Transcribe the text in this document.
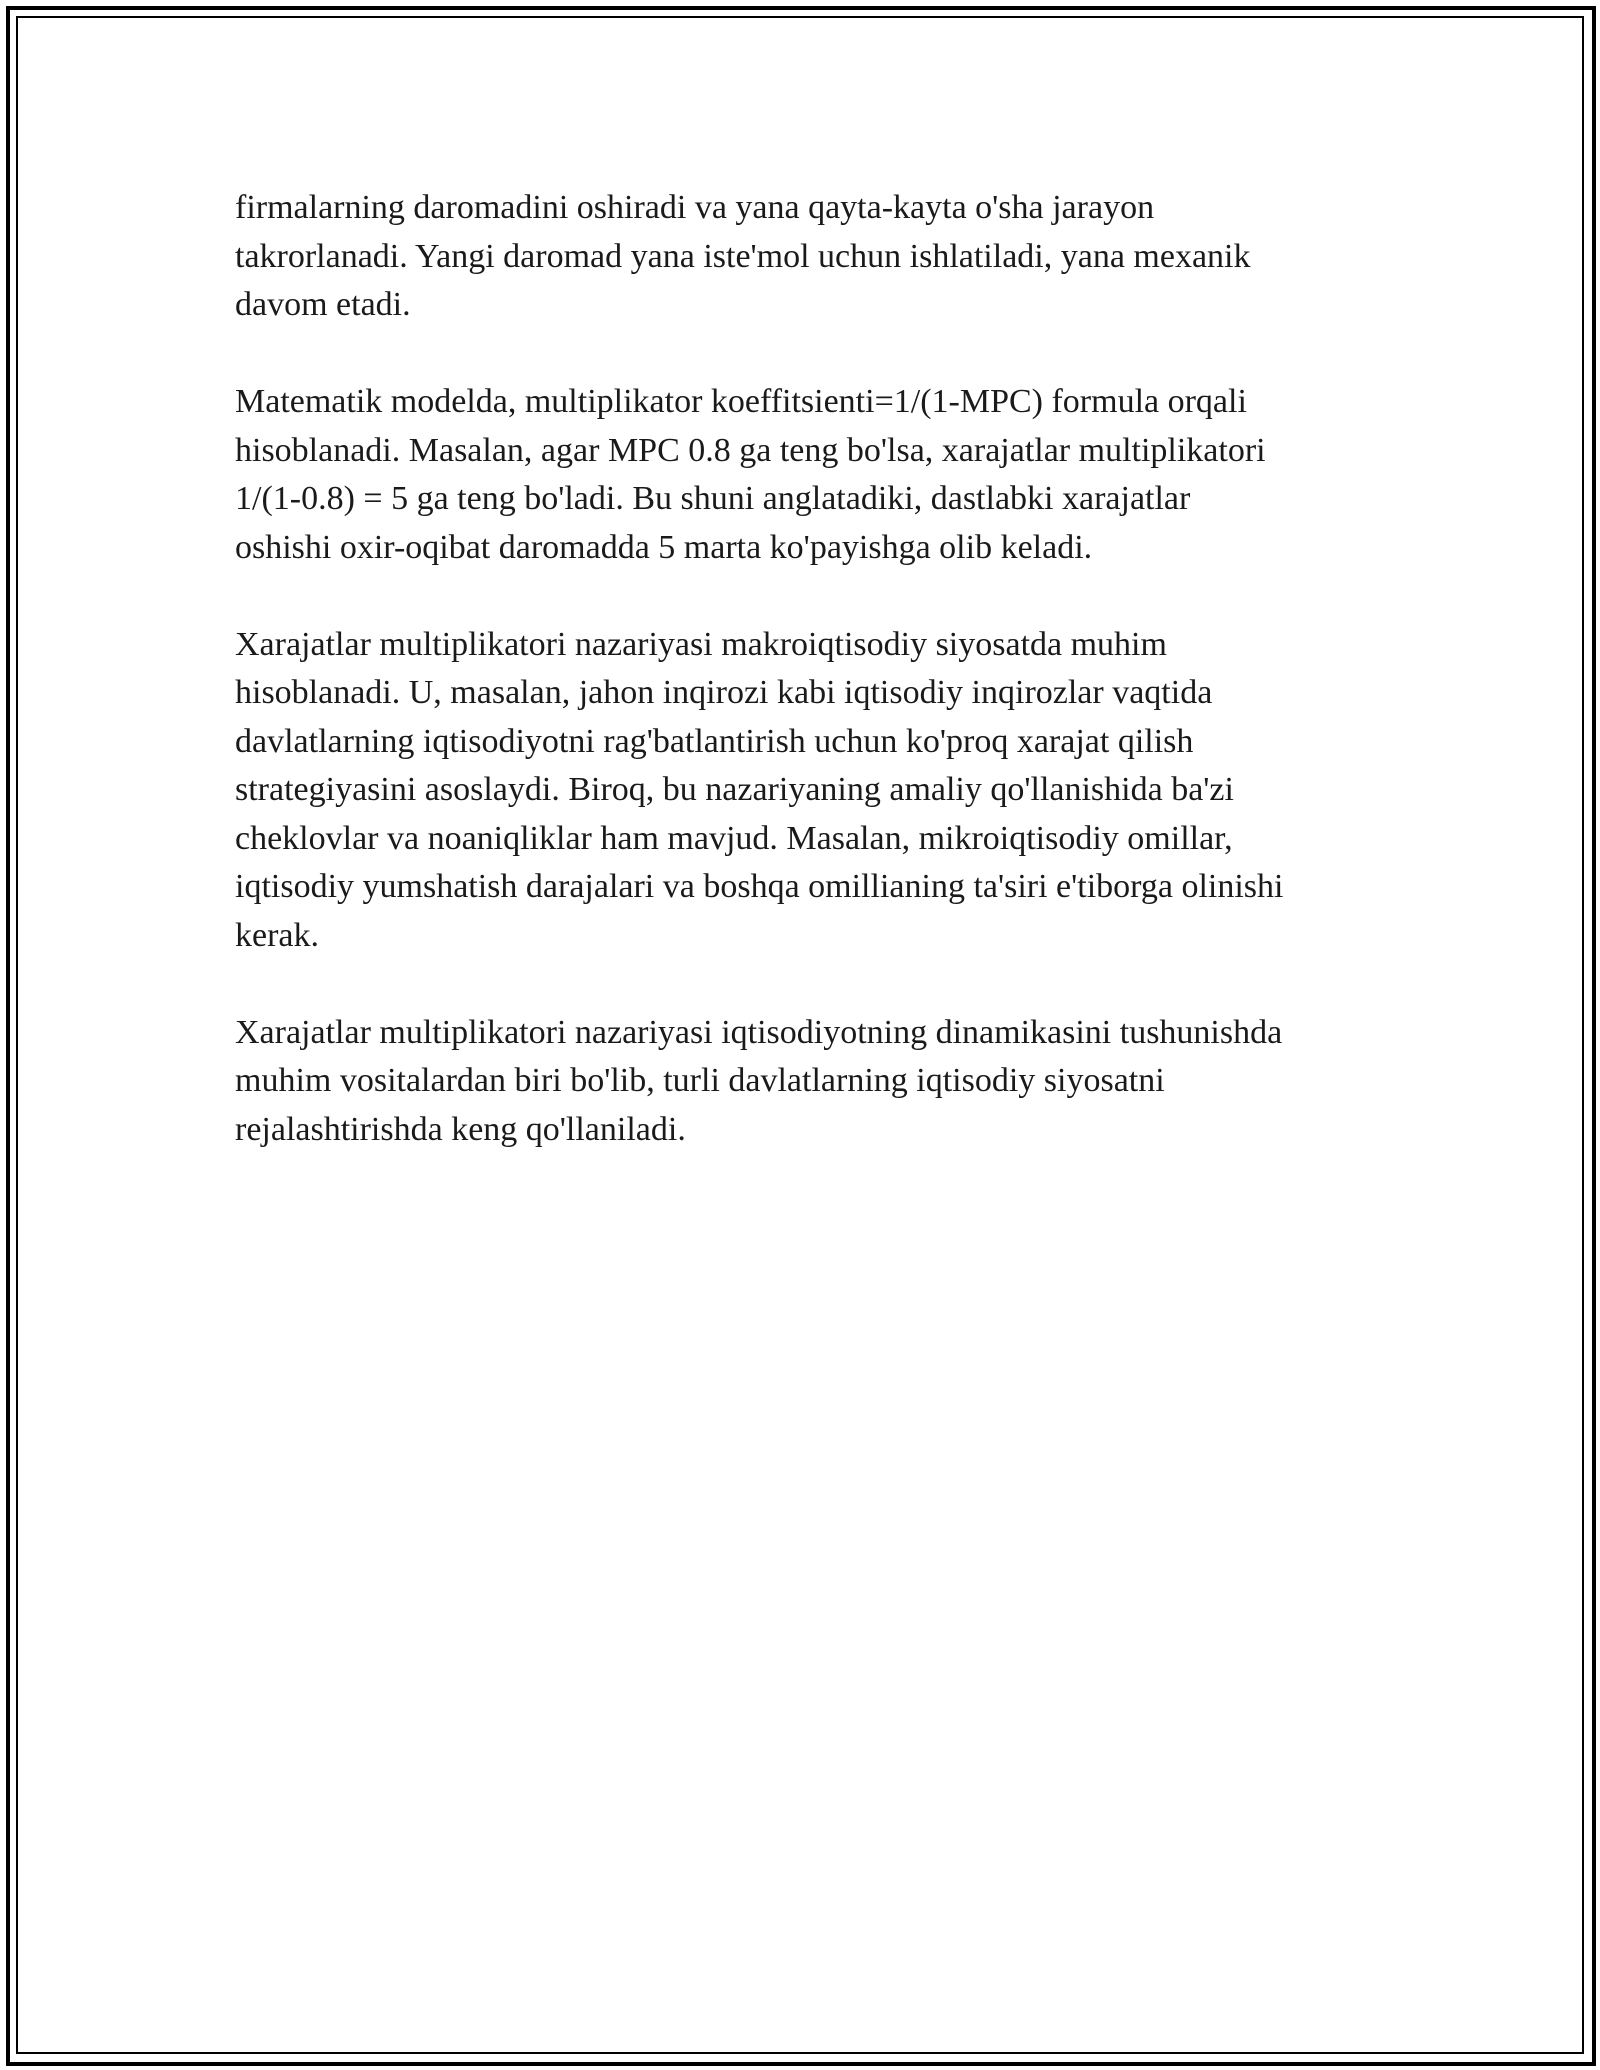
firmalarning daromadini oshiradi va yana qayta-kayta o'sha jarayon
takrorlanadi. Yangi daromad yana iste'mol uchun ishlatiladi, yana mexanik
davom etadi.

Matematik modelda, multiplikator koeffitsienti=1/(1-MPC) formula orqali
hisoblanadi. Masalan, agar MPC 0.8 ga teng bo'lsa, xarajatlar multiplikatori
1/(1-0.8) = 5 ga teng bo'ladi. Bu shuni anglatadiki, dastlabki xarajatlar
oshishi oxir-oqibat daromadda 5 marta ko'payishga olib keladi.

Xarajatlar multiplikatori nazariyasi makroiqtisodiy siyosatda muhim
hisoblanadi. U, masalan, jahon inqirozi kabi iqtisodiy inqirozlar vaqtida
davlatlarning iqtisodiyotni rag'batlantirish uchun ko'proq xarajat qilish
strategiyasini asoslaydi. Biroq, bu nazariyaning amaliy qo'llanishida ba'zi
cheklovlar va noaniqliklar ham mavjud. Masalan, mikroiqtisodiy omillar,
iqtisodiy yumshatish darajalari va boshqa omillianing ta'siri e'tiborga olinishi
kerak.

Xarajatlar multiplikatori nazariyasi iqtisodiyotning dinamikasini tushunishda
muhim vositalardan biri bo'lib, turli davlatlarning iqtisodiy siyosatni
rejalashtirishda keng qo'llaniladi.
